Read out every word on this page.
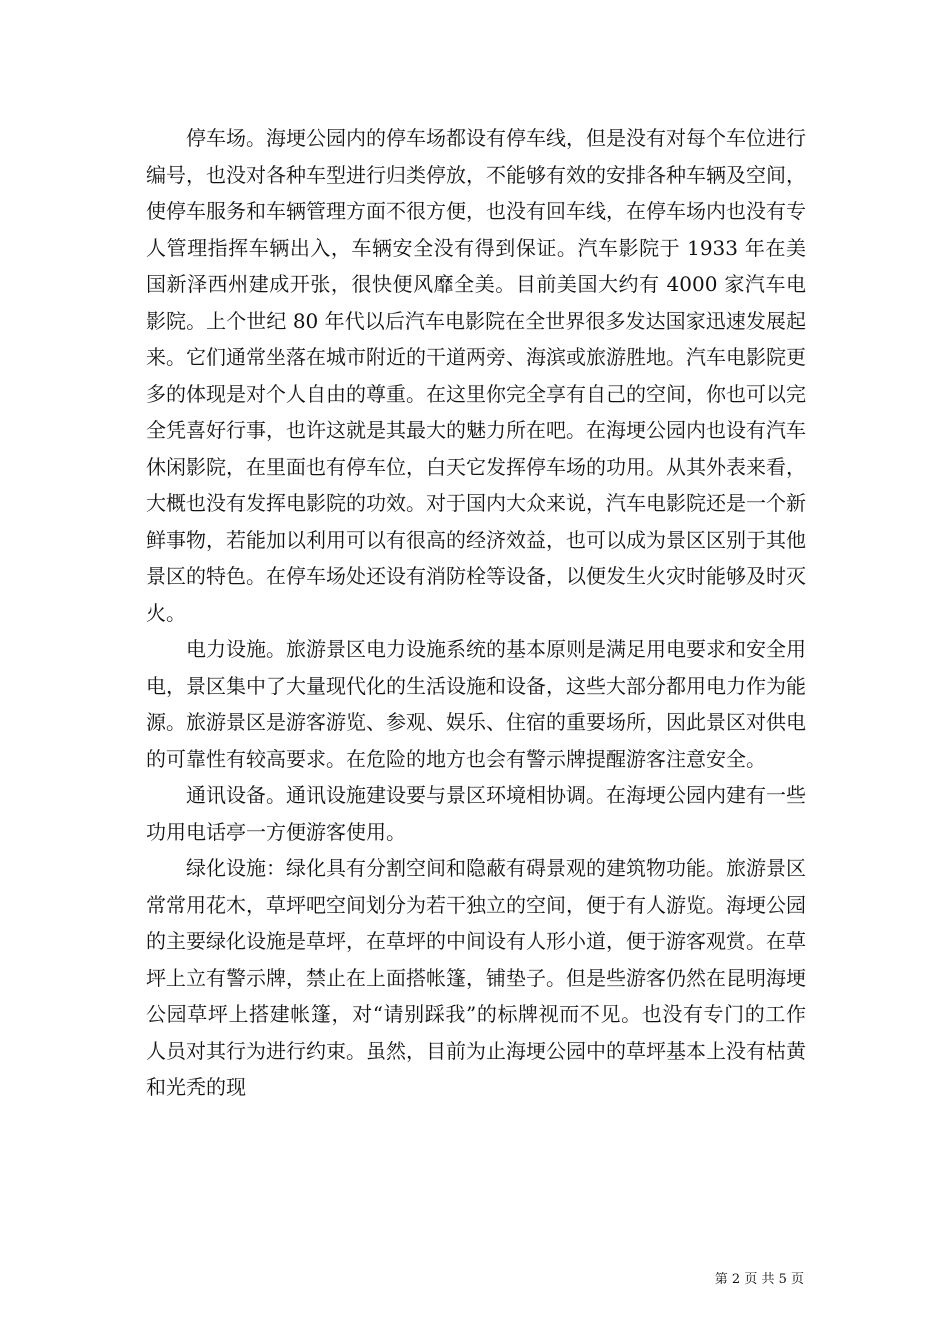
停车场。海埂公园内的停车场都设有停车线，但是没有对每个车位进行编号，也没对各种车型进行归类停放，不能够有效的安排各种车辆及空间，使停车服务和车辆管理方面不很方便，也没有回车线，在停车场内也没有专人管理指挥车辆出入，车辆安全没有得到保证。汽车影院于 1933 年在美国新泽西州建成开张，很快便风靡全美。目前美国大约有 4000 家汽车电影院。上个世纪 80 年代以后汽车电影院在全世界很多发达国家迅速发展起来。它们通常坐落在城市附近的干道两旁、海滨或旅游胜地。汽车电影院更多的体现是对个人自由的尊重。在这里你完全享有自己的空间，你也可以完全凭喜好行事，也许这就是其最大的魅力所在吧。在海埂公园内也设有汽车休闲影院，在里面也有停车位，白天它发挥停车场的功用。从其外表来看，大概也没有发挥电影院的功效。对于国内大众来说，汽车电影院还是一个新鲜事物，若能加以利用可以有很高的经济效益，也可以成为景区区别于其他景区的特色。在停车场处还设有消防栓等设备，以便发生火灾时能够及时灭火。

电力设施。旅游景区电力设施系统的基本原则是满足用电要求和安全用电，景区集中了大量现代化的生活设施和设备，这些大部分都用电力作为能源。旅游景区是游客游览、参观、娱乐、住宿的重要场所，因此景区对供电的可靠性有较高要求。在危险的地方也会有警示牌提醒游客注意安全。

通讯设备。通讯设施建设要与景区环境相协调。在海埂公园内建有一些功用电话亭一方便游客使用。

绿化设施：绿化具有分割空间和隐蔽有碍景观的建筑物功能。旅游景区常常用花木，草坪吧空间划分为若干独立的空间，便于有人游览。海埂公园的主要绿化设施是草坪，在草坪的中间设有人形小道，便于游客观赏。在草坪上立有警示牌，禁止在上面搭帐篷，铺垫子。但是些游客仍然在昆明海埂公园草坪上搭建帐篷，对“请别踩我”的标牌视而不见。也没有专门的工作人员对其行为进行约束。虽然，目前为止海埂公园中的草坪基本上没有枯黄和光秃的现

第 2 页 共 5 页
